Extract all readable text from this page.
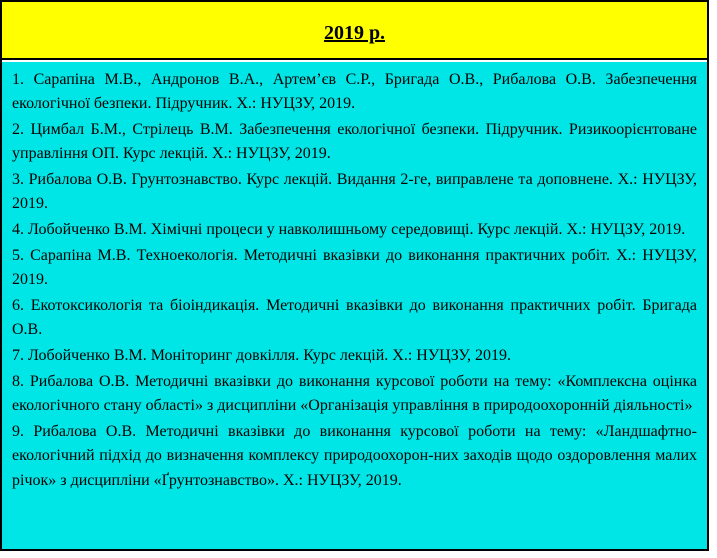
2019 р.

1. Сарапіна М.В., Андронов В.А., Артем’єв С.Р., Бригада О.В., Рибалова О.В. Забезпечення екологічної безпеки. Підручник. Х.: НУЦЗУ, 2019.

2. Цимбал Б.М., Стрілець В.М. Забезпечення екологічної безпеки. Підручник. Ризикоорієнтоване управління ОП. Курс лекцій. Х.: НУЦЗУ, 2019.

3. Рибалова О.В. Грунтознавство. Курс лекцій. Видання 2-ге, виправлене та доповнене. Х.: НУЦЗУ, 2019.

4. Лобойченко В.М. Хімічні процеси у навколишньому середовищі. Курс лекцій. Х.: НУЦЗУ, 2019.

5. Сарапіна М.В. Техноекологія. Методичні вказівки до виконання практичних робіт. Х.: НУЦЗУ, 2019.

6. Екотоксикологія та біоіндикація. Методичні вказівки до виконання практичних робіт. Бригада О.В.

7. Лобойченко В.М. Моніторинг довкілля. Курс лекцій. Х.: НУЦЗУ, 2019.

8. Рибалова О.В. Методичні вказівки до виконання курсової роботи на тему: «Комплексна оцінка екологічного стану області» з дисципліни «Організація управління в природоохоронній діяльності»

9. Рибалова О.В. Методичні вказівки до виконання курсової роботи на тему: «Ландшафтно-екологічний підхід до визначення комплексу природоохорон-них заходів щодо оздоровлення малих річок» з дисципліни «Ґрунтознавство». Х.: НУЦЗУ, 2019.
